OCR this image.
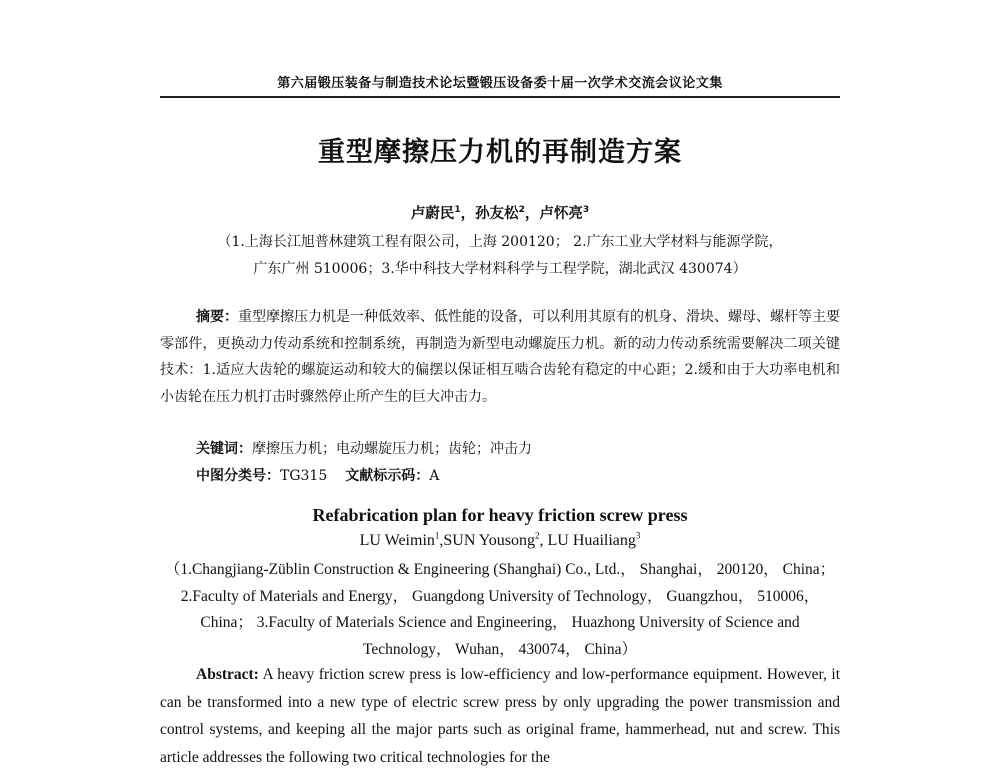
第六届锻压装备与制造技术论坛暨锻压设备委十届一次学术交流会议论文集
重型摩擦压力机的再制造方案
卢蔚民$^1$，孙友松$^2$，卢怀亮$^3$
（1.上海长江旭普林建筑工程有限公司，上海 200120； 2.广东工业大学材料与能源学院，
广东广州 510006；3.华中科技大学材料科学与工程学院，湖北武汉 430074）
摘要：重型摩擦压力机是一种低效率、低性能的设备，可以利用其原有的机身、滑块、螺母、螺杆等主要零部件，更换动力传动系统和控制系统，再制造为新型电动螺旋压力机。新的动力传动系统需要解决二项关键技术：1.适应大齿轮的螺旋运动和较大的偏摆以保证相互啮合齿轮有稳定的中心距；2.缓和由于大功率电机和小齿轮在压力机打击时骤然停止所产生的巨大冲击力。
关键词：摩擦压力机；电动螺旋压力机；齿轮；冲击力
中图分类号：TG315 文献标示码：A
Refabrication plan for heavy friction screw press
LU Weimin$^1$,SUN Yousong$^2$, LU Huailiang$^3$
（1.Changjiang-Züblin Construction & Engineering (Shanghai) Co., Ltd.， Shanghai， 200120， China； 2.Faculty of Materials and Energy， Guangdong University of Technology， Guangzhou， 510006， China； 3.Faculty of Materials Science and Engineering， Huazhong University of Science and Technology， Wuhan， 430074， China）
Abstract: A heavy friction screw press is low-efficiency and low-performance equipment. However, it can be transformed into a new type of electric screw press by only upgrading the power transmission and control systems, and keeping all the major parts such as original frame, hammerhead, nut and screw. This article addresses the following two critical technologies for the
